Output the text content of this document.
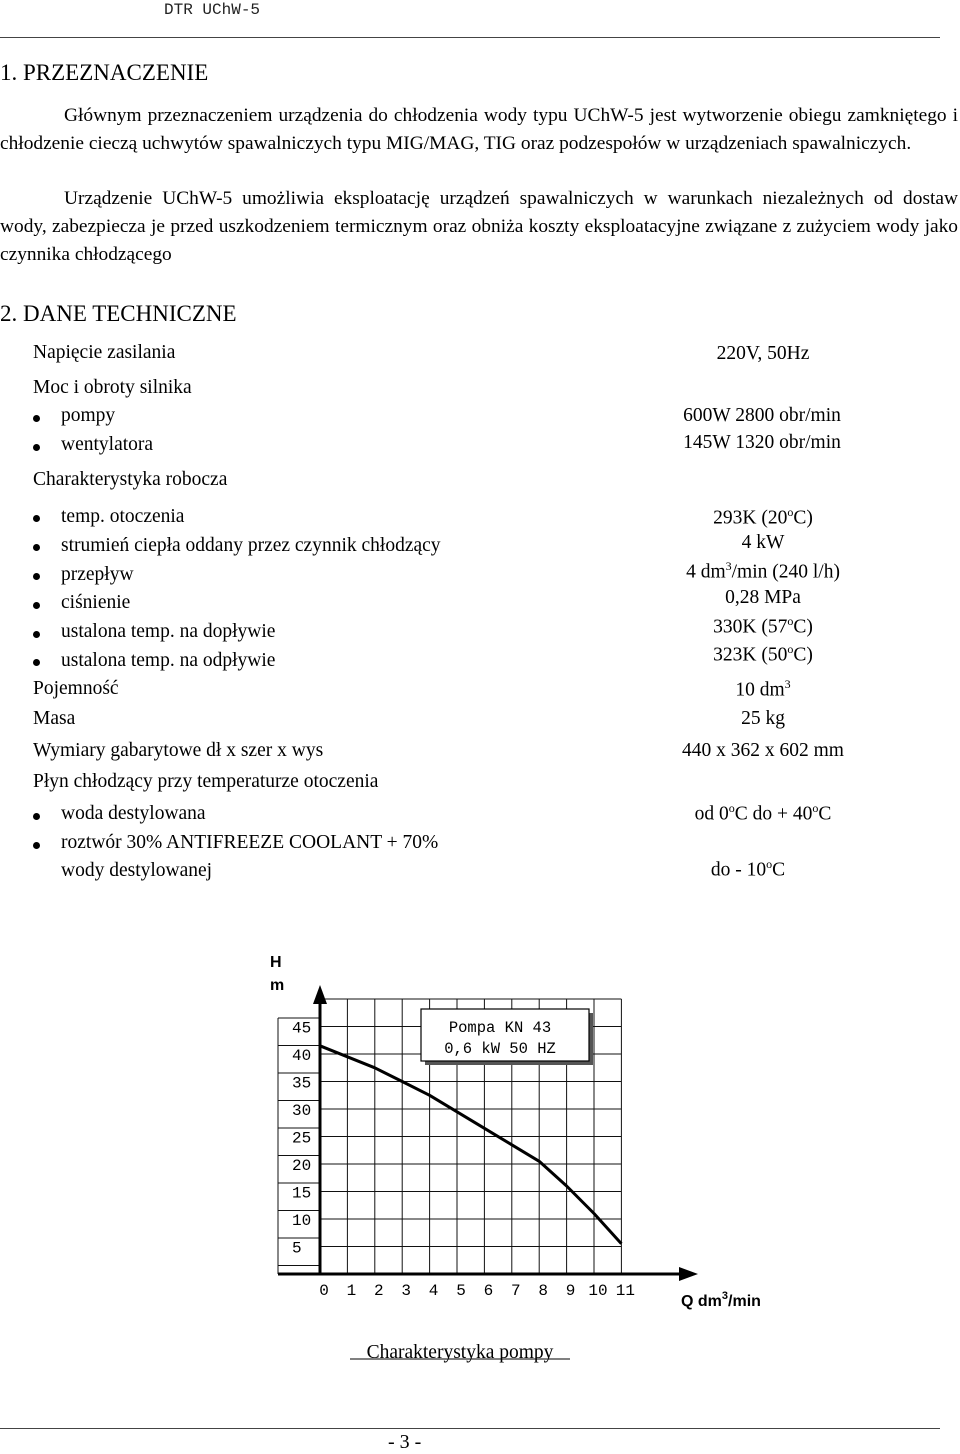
DTR UChW-5
1. PRZEZNACZENIE
Głównym przeznaczeniem urządzenia do chłodzenia wody typu UChW-5 jest wytworzenie obiegu zamkniętego i chłodzenie cieczą uchwytów spawalniczych typu MIG/MAG, TIG oraz podzespołów w urządzeniach spawalniczych.
Urządzenie UChW-5 umożliwia eksploatację urządzeń spawalniczych w warunkach niezależnych od dostaw wody, zabezpiecza je przed uszkodzeniem termicznym oraz obniża koszty eksploatacyjne związane z zużyciem wody jako czynnika chłodzącego
2. DANE TECHNICZNE
Napięcie zasilania	220V, 50Hz
Moc i obroty silnika
pompy	600W 2800 obr/min
wentylatora	145W 1320 obr/min
Charakterystyka robocza
temp. otoczenia	293K (20$^o$C)
strumień ciepła oddany przez czynnik chłodzący	4 kW
przepływ	4 $dm^3/\min$ (240 l/h)
ciśnienie	0,28 MPa
ustalona temp. na dopływie	330K (57$^o$C)
ustalona temp. na odpływie	323K (50$^o$C)
Pojemność	10 $dm^3$
Masa	25 kg
Wymiary gabarytowe dł x szer x wys	440 x 362 x 602 mm
Płyn chłodzący przy temperaturze otoczenia
woda destylowana	od 0$^o$C do + $40^oC$
roztwór 30% ANTIFREEZE COOLANT + 70%
wody destylowanej	do - 10$^o$C
45
40
35
30
25
20
15
10
5
0 1 2 3 4 5 6 7 8 9 10 11
Pompa KN 43
0,6 kW 50 HZ
H
m
Q $dm^3/\min$
Charakterystyka pompy
- 3 -
